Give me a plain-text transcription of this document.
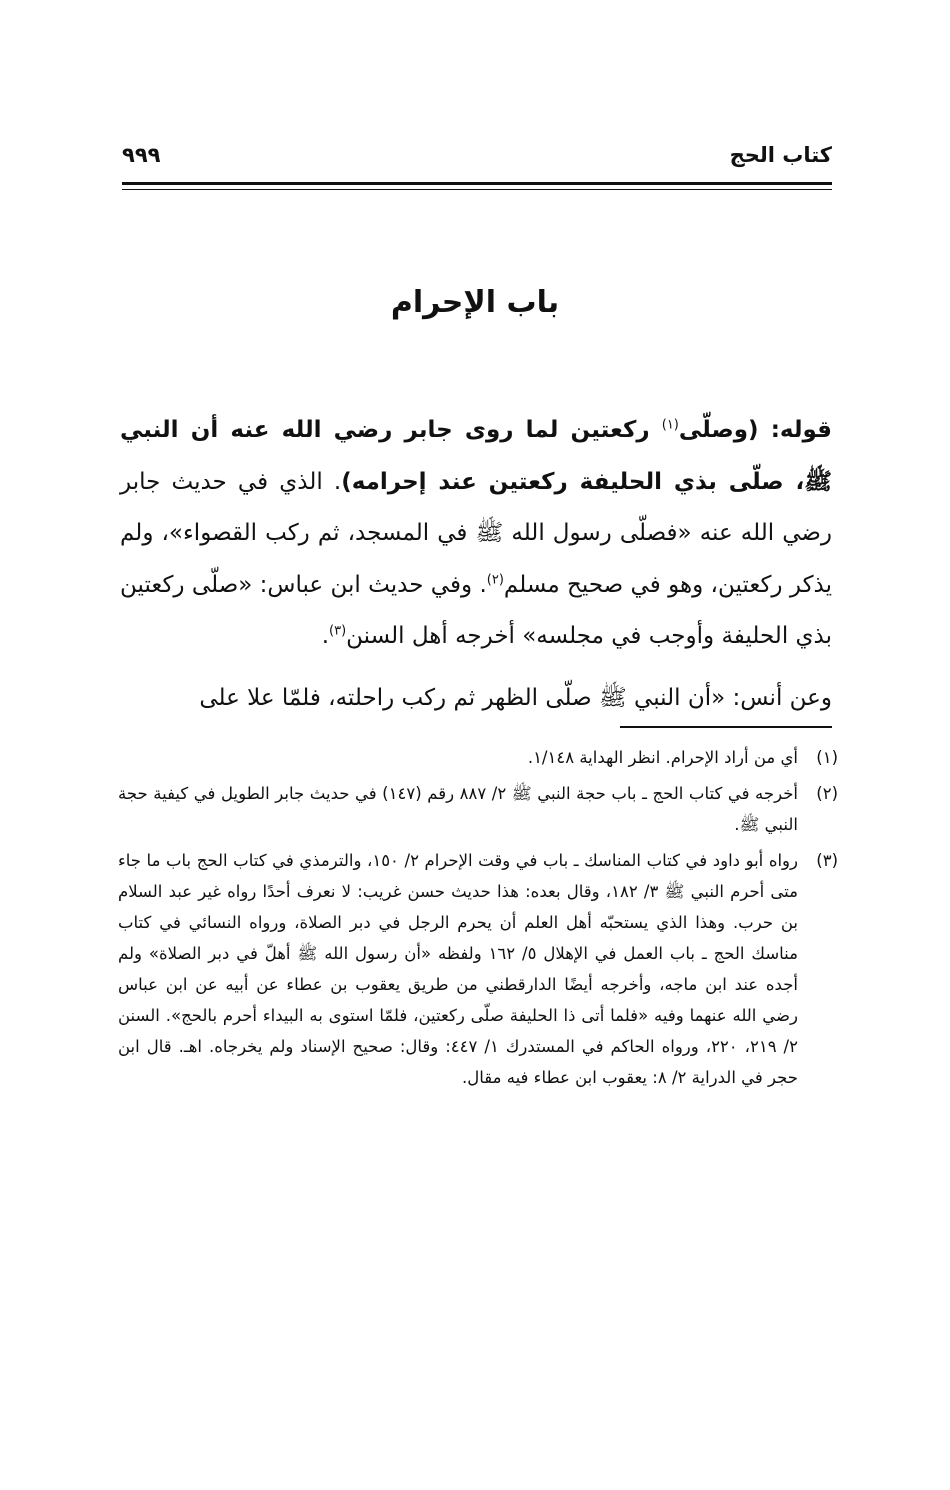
كتاب الحج
٩٩٩
باب الإحرام

قوله: (وصلّى$^{(١)}$ ركعتين لما روى جابر رضي الله عنه أن النبي ﷺ، صلّى بذي الحليفة ركعتين عند إحرامه). الذي في حديث جابر رضي الله عنه «فصلّى رسول الله ﷺ في المسجد، ثم ركب القصواء»، ولم يذكر ركعتين، وهو في صحيح مسلم$^{(٢)}$. وفي حديث ابن عباس: «صلّى ركعتين بذي الحليفة وأوجب في مجلسه» أخرجه أهل السنن$^{(٣)}$.

وعن أنس: «أن النبي ﷺ صلّى الظهر ثم ركب راحلته، فلمّا علا على

(١)
أي من أراد الإحرام. انظر الهداية ١/١٤٨.
(٢)
أخرجه في كتاب الحج ـ باب حجة النبي ﷺ ٢/ ٨٨٧ رقم (١٤٧) في حديث جابر الطويل في كيفية حجة النبي ﷺ.
(٣)
رواه أبو داود في كتاب المناسك ـ باب في وقت الإحرام ٢/ ١٥٠، والترمذي في كتاب الحج باب ما جاء متى أحرم النبي ﷺ ٣/ ١٨٢، وقال بعده: هذا حديث حسن غريب: لا نعرف أحدًا رواه غير عبد السلام بن حرب. وهذا الذي يستحبّه أهل العلم أن يحرم الرجل في دبر الصلاة، ورواه النسائي في كتاب مناسك الحج ـ باب العمل في الإهلال ٥/ ١٦٢ ولفظه «أن رسول الله ﷺ أهلّ في دبر الصلاة» ولم أجده عند ابن ماجه، وأخرجه أيضًا الدارقطني من طريق يعقوب بن عطاء عن أبيه عن ابن عباس رضي الله عنهما وفيه «فلما أتى ذا الحليفة صلّى ركعتين، فلمّا استوى به البيداء أحرم بالحج». السنن ٢/ ٢١٩، ٢٢٠، ورواه الحاكم في المستدرك ١/ ٤٤٧: وقال: صحيح الإسناد ولم يخرجاه. اهـ. قال ابن حجر في الدراية ٢/ ٨: يعقوب ابن عطاء فيه مقال.
